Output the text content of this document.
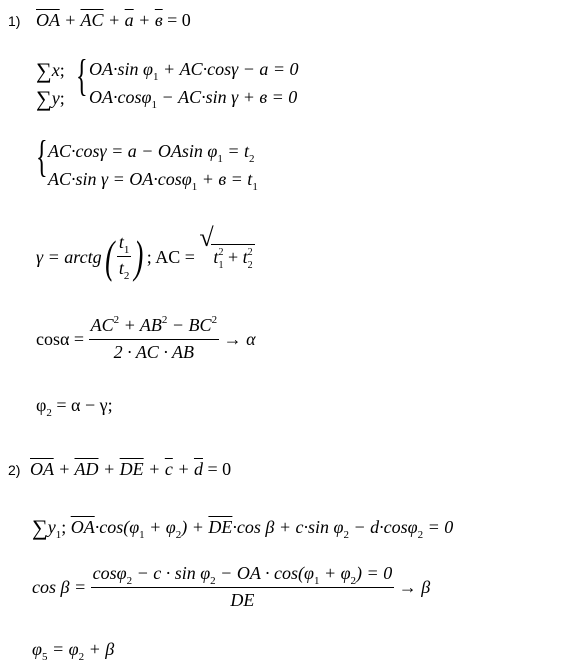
1) $\overline{OA} + \overline{AC} + \overline{a} + в = 0$
∑x;
∑y; { OA·sin $\varphi_1 + AC\cdot\cos\gamma - a = 0$
OA·cosφ$_1$ − AC·sin γ + в = 0
{ AC·cosγ = a − OAsin $\varphi_1 = t_2$
AC·sin $\gamma = OA\cdot\cos\varphi_1 + в = t_1$
γ = arctg( $\frac{t_1}{t_2}$ ) ; AC =
√
$t_1^2 + t_2^2$
$\cos\alpha = \frac{AC^2 + AB^2 - BC^2}{2 \cdot AC \cdot AB} \to \alpha$
$\varphi_2 = \alpha - \gamma$;
2) $\overline{OA} + \overline{AD} + \overline{DE} + \overline{c} + \overline{d} = 0$
$\sum y_1$; $\overline{OA}\cdot\cos(\varphi_1 + \varphi_2) + \overline{DE}\cdot\cos$ β + c·sin $\varphi_2 - d\cdot\cos\varphi_2 = 0$
$\cos \beta = \frac{\cos\varphi_2 - c \cdot \sin \varphi_2 - OA \cdot \cos(\varphi_1 + \varphi_2) = 0}{DE} \to \beta$
$\varphi_5 = \varphi_2 + \beta$
